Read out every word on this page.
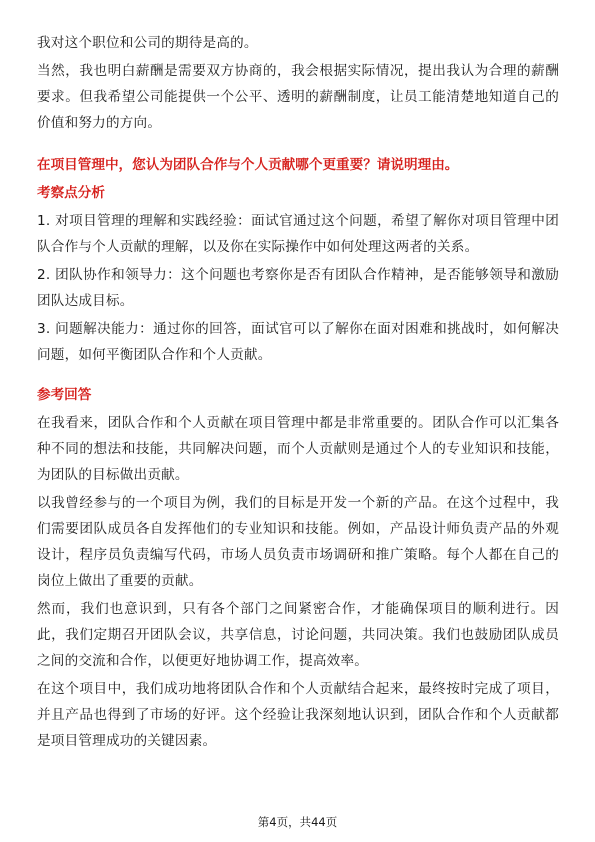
我对这个职位和公司的期待是高的。

当然，我也明白薪酬是需要双方协商的，我会根据实际情况，提出我认为合理的薪酬要求。但我希望公司能提供一个公平、透明的薪酬制度，让员工能清楚地知道自己的价值和努力的方向。

在项目管理中，您认为团队合作与个人贡献哪个更重要？请说明理由。

考察点分析

1. 对项目管理的理解和实践经验：面试官通过这个问题，希望了解你对项目管理中团队合作与个人贡献的理解，以及你在实际操作中如何处理这两者的关系。

2. 团队协作和领导力：这个问题也考察你是否有团队合作精神，是否能够领导和激励团队达成目标。

3. 问题解决能力：通过你的回答，面试官可以了解你在面对困难和挑战时，如何解决问题，如何平衡团队合作和个人贡献。

参考回答

在我看来，团队合作和个人贡献在项目管理中都是非常重要的。团队合作可以汇集各种不同的想法和技能，共同解决问题，而个人贡献则是通过个人的专业知识和技能，为团队的目标做出贡献。

以我曾经参与的一个项目为例，我们的目标是开发一个新的产品。在这个过程中，我们需要团队成员各自发挥他们的专业知识和技能。例如，产品设计师负责产品的外观设计，程序员负责编写代码，市场人员负责市场调研和推广策略。每个人都在自己的岗位上做出了重要的贡献。

然而，我们也意识到，只有各个部门之间紧密合作，才能确保项目的顺利进行。因此，我们定期召开团队会议，共享信息，讨论问题，共同决策。我们也鼓励团队成员之间的交流和合作，以便更好地协调工作，提高效率。

在这个项目中，我们成功地将团队合作和个人贡献结合起来，最终按时完成了项目，并且产品也得到了市场的好评。这个经验让我深刻地认识到，团队合作和个人贡献都是项目管理成功的关键因素。

第4页，共44页
